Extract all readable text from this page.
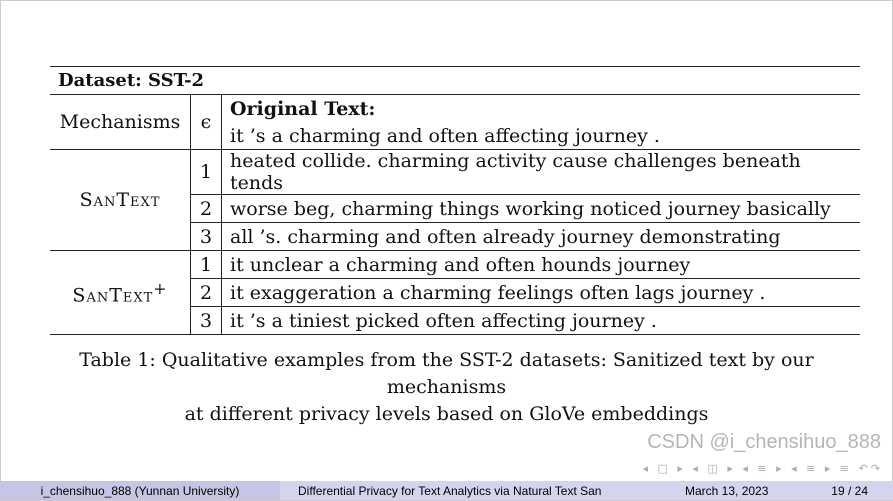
Dataset: SST-2		
Mechanisms	ϵ	Original Text:
		it ’s a charming and often affecting journey .
SanText	1	heated collide. charming activity cause challenges beneath tends
	2	worse beg, charming things working noticed journey basically
	3	all ’s. charming and often already journey demonstrating
SanText+	1	it unclear a charming and often hounds journey
	2	it exaggeration a charming feelings often lags journey .
	3	it ’s a tiniest picked often affecting journey .
Table 1: Qualitative examples from the SST-2 datasets: Sanitized text by our mechanisms
at different privacy levels based on GloVe embeddings
CSDN @i_chensihuo_888
◂ □ ▸ ◂ ◫ ▸ ◂ ≡ ▸ ◂ ≡ ▸ ≡ ↶↷
i_chensihuo_888 (Yunnan University)	Differential Privacy for Text Analytics via Natural Text San	March 13, 2023	19 / 24
